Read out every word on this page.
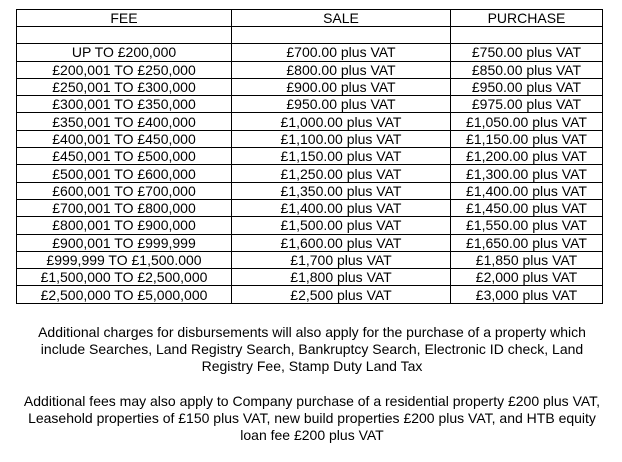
FEE	SALE	PURCHASE

UP TO £200,000	£700.00 plus VAT	£750.00 plus VAT
£200,001 TO £250,000	£800.00 plus VAT	£850.00 plus VAT
£250,001 TO £300,000	£900.00 plus VAT	£950.00 plus VAT
£300,001 TO £350,000	£950.00 plus VAT	£975.00 plus VAT
£350,001 TO £400,000	£1,000.00 plus VAT	£1,050.00 plus VAT
£400,001 TO £450,000	£1,100.00 plus VAT	£1,150.00 plus VAT
£450,001 TO £500,000	£1,150.00 plus VAT	£1,200.00 plus VAT
£500,001 TO £600,000	£1,250.00 plus VAT	£1,300.00 plus VAT
£600,001 TO £700,000	£1,350.00 plus VAT	£1,400.00 plus VAT
£700,001 TO £800,000	£1,400.00 plus VAT	£1,450.00 plus VAT
£800,001 TO £900,000	£1,500.00 plus VAT	£1,550.00 plus VAT
£900,001 TO £999,999	£1,600.00 plus VAT	£1,650.00 plus VAT
£999,999 TO £1,500.000	£1,700 plus VAT	£1,850 plus VAT
£1,500,000 TO £2,500,000	£1,800 plus VAT	£2,000 plus VAT
£2,500,000 TO £5,000,000	£2,500 plus VAT	£3,000 plus VAT

Additional charges for disbursements will also apply for the purchase of a property which include Searches, Land Registry Search, Bankruptcy Search, Electronic ID check, Land Registry Fee, Stamp Duty Land Tax

Additional fees may also apply to Company purchase of a residential property £200 plus VAT, Leasehold properties of £150 plus VAT, new build properties £200 plus VAT, and HTB equity loan fee £200 plus VAT
